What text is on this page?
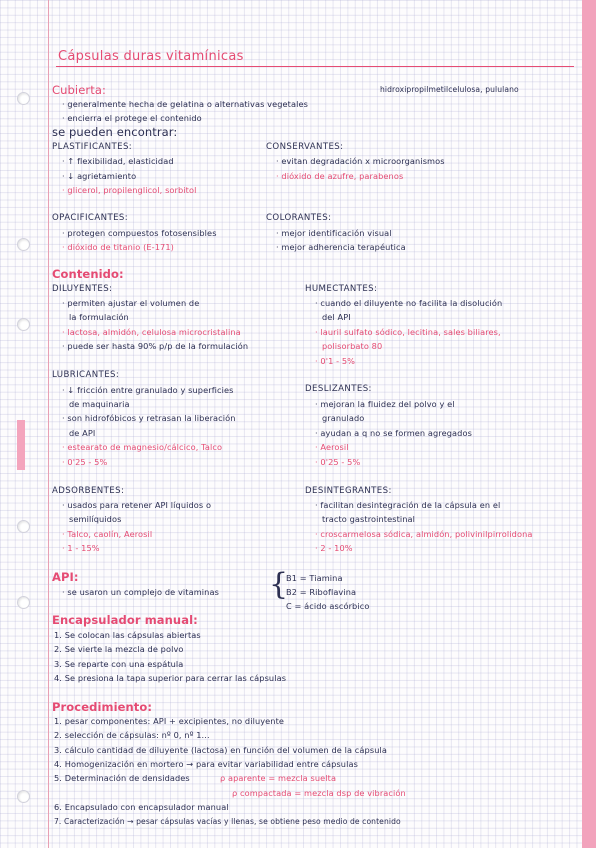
Cápsulas duras vitamínicas
Cubierta:	hidroxipropilmetilcelulosa, pululano
· generalmente hecha de gelatina o alternativas vegetales
· encierra el protege el contenido
se pueden encontrar:
PLASTIFICANTES:
· ↑ flexibilidad, elasticidad
· ↓ agrietamiento
· glicerol, propilenglicol, sorbitol
CONSERVANTES:
· evitan degradación x microorganismos
· dióxido de azufre, parabenos
OPACIFICANTES:
· protegen compuestos fotosensibles
· dióxido de titanio (E-171)
COLORANTES:
· mejor identificación visual
· mejor adherencia terapéutica
Contenido:
DILUYENTES:
· permiten ajustar el volumen de
la formulación
· lactosa, almidón, celulosa microcristalina
· puede ser hasta 90% p/p de la formulación
HUMECTANTES:
· cuando el diluyente no facilita la disolución
del API
· lauril sulfato sódico, lecitina, sales biliares,
polisorbato 80
· 0'1 - 5%
LUBRICANTES:
· ↓ fricción entre granulado y superficies
de maquinaria
· son hidrofóbicos y retrasan la liberación
de API
· estearato de magnesio/cálcico, Talco
· 0'25 - 5%
DESLIZANTES:
· mejoran la fluidez del polvo y el
granulado
· ayudan a q no se formen agregados
· Aerosil
· 0'25 - 5%
ADSORBENTES:
· usados para retener API líquidos o
semilíquidos
· Talco, caolín, Aerosil
· 1 - 15%
DESINTEGRANTES:
· facilitan desintegración de la cápsula en el
tracto gastrointestinal
· croscarmelosa sódica, almidón, polivinilpirrolidona
· 2 - 10%
API:
· se usaron un complejo de vitaminas {
B1 = Tiamina
B2 = Riboflavina
C = ácido ascórbico
Encapsulador manual:
1. Se colocan las cápsulas abiertas
2. Se vierte la mezcla de polvo
3. Se reparte con una espátula
4. Se presiona la tapa superior para cerrar las cápsulas
Procedimiento:
1. pesar componentes: API + excipientes, no diluyente
2. selección de cápsulas: nº 0, nº 1...
3. cálculo cantidad de diluyente (lactosa) en función del volumen de la cápsula
4. Homogenización en mortero → para evitar variabilidad entre cápsulas
5. Determinación de densidades	ρ aparente = mezcla suelta
ρ compactada = mezcla dsp de vibración
6. Encapsulado con encapsulador manual
7. Caracterización → pesar cápsulas vacías y llenas, se obtiene peso medio de contenido
